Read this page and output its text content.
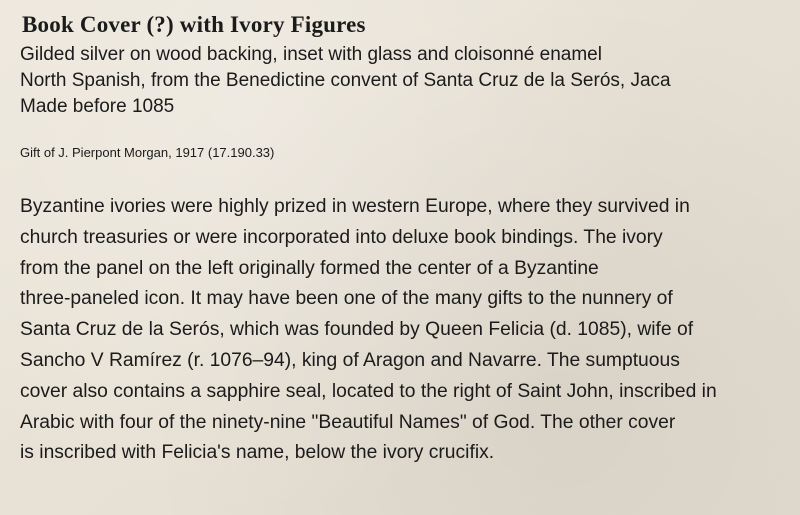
Book Cover (?) with Ivory Figures
Gilded silver on wood backing, inset with glass and cloisonné enamel
North Spanish, from the Benedictine convent of Santa Cruz de la Serós, Jaca
Made before 1085
Gift of J. Pierpont Morgan, 1917 (17.190.33)
Byzantine ivories were highly prized in western Europe, where they survived in
church treasuries or were incorporated into deluxe book bindings. The ivory
from the panel on the left originally formed the center of a Byzantine
three-paneled icon. It may have been one of the many gifts to the nunnery of
Santa Cruz de la Serós, which was founded by Queen Felicia (d. 1085), wife of
Sancho V Ramírez (r. 1076–94), king of Aragon and Navarre. The sumptuous
cover also contains a sapphire seal, located to the right of Saint John, inscribed in
Arabic with four of the ninety-nine "Beautiful Names" of God. The other cover
is inscribed with Felicia's name, below the ivory crucifix.
